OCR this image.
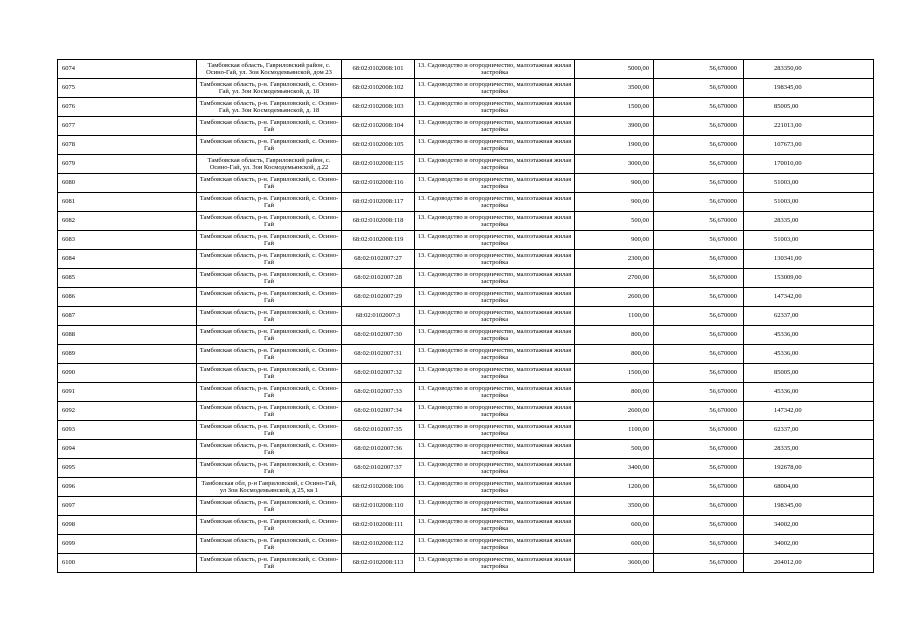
6074	Тамбовская область, Гавриловский район, с. Осино-Гай, ул. Зои Космодемьянской, дом 23	68:02:0102008:101	13. Садоводство и огородничество, малоэтажная жилая застройка	5000,00	56,670000	283350,00
6075	Тамбовская область, р-н. Гавриловский, с. Осино-Гай, ул. Зои Космодемьянской, д. 18	68:02:0102008:102	13. Садоводство и огородничество, малоэтажная жилая застройка	3500,00	56,670000	198345,00
6076	Тамбовская область, р-н. Гавриловский, с. Осино-Гай, ул. Зои Космодемьянской, д. 18	68:02:0102008:103	13. Садоводство и огородничество, малоэтажная жилая застройка	1500,00	56,670000	85005,00
6077	Тамбовская область, р-н. Гавриловский, с. Осино-Гай	68:02:0102008:104	13. Садоводство и огородничество, малоэтажная жилая застройка	3900,00	56,670000	221013,00
6078	Тамбовская область, р-н. Гавриловский, с. Осино-Гай	68:02:0102008:105	13. Садоводство и огородничество, малоэтажная жилая застройка	1900,00	56,670000	107673,00
6079	Тамбовская область, Гавриловский район, с. Осино-Гай, ул. Зои Космодемьянской, д.22	68:02:0102008:115	13. Садоводство и огородничество, малоэтажная жилая застройка	3000,00	56,670000	170010,00
6080	Тамбовская область, р-н. Гавриловский, с. Осино-Гай	68:02:0102008:116	13. Садоводство и огородничество, малоэтажная жилая застройка	900,00	56,670000	51003,00
6081	Тамбовская область, р-н. Гавриловский, с. Осино-Гай	68:02:0102008:117	13. Садоводство и огородничество, малоэтажная жилая застройка	900,00	56,670000	51003,00
6082	Тамбовская область, р-н. Гавриловский, с. Осино-Гай	68:02:0102008:118	13. Садоводство и огородничество, малоэтажная жилая застройка	500,00	56,670000	28335,00
6083	Тамбовская область, р-н. Гавриловский, с. Осино-Гай	68:02:0102008:119	13. Садоводство и огородничество, малоэтажная жилая застройка	900,00	56,670000	51003,00
6084	Тамбовская область, р-н. Гавриловский, с. Осино-Гай	68:02:0102007:27	13. Садоводство и огородничество, малоэтажная жилая застройка	2300,00	56,670000	130341,00
6085	Тамбовская область, р-н. Гавриловский, с. Осино-Гай	68:02:0102007:28	13. Садоводство и огородничество, малоэтажная жилая застройка	2700,00	56,670000	153009,00
6086	Тамбовская область, р-н. Гавриловский, с. Осино-Гай	68:02:0102007:29	13. Садоводство и огородничество, малоэтажная жилая застройка	2600,00	56,670000	147342,00
6087	Тамбовская область, р-н. Гавриловский, с. Осино-Гай	68:02:0102007:3	13. Садоводство и огородничество, малоэтажная жилая застройка	1100,00	56,670000	62337,00
6088	Тамбовская область, р-н. Гавриловский, с. Осино-Гай	68:02:0102007:30	13. Садоводство и огородничество, малоэтажная жилая застройка	800,00	56,670000	45336,00
6089	Тамбовская область, р-н. Гавриловский, с. Осино-Гай	68:02:0102007:31	13. Садоводство и огородничество, малоэтажная жилая застройка	800,00	56,670000	45336,00
6090	Тамбовская область, р-н. Гавриловский, с. Осино-Гай	68:02:0102007:32	13. Садоводство и огородничество, малоэтажная жилая застройка	1500,00	56,670000	85005,00
6091	Тамбовская область, р-н. Гавриловский, с. Осино-Гай	68:02:0102007:33	13. Садоводство и огородничество, малоэтажная жилая застройка	800,00	56,670000	45336,00
6092	Тамбовская область, р-н. Гавриловский, с. Осино-Гай	68:02:0102007:34	13. Садоводство и огородничество, малоэтажная жилая застройка	2600,00	56,670000	147342,00
6093	Тамбовская область, р-н. Гавриловский, с. Осино-Гай	68:02:0102007:35	13. Садоводство и огородничество, малоэтажная жилая застройка	1100,00	56,670000	62337,00
6094	Тамбовская область, р-н. Гавриловский, с. Осино-Гай	68:02:0102007:36	13. Садоводство и огородничество, малоэтажная жилая застройка	500,00	56,670000	28335,00
6095	Тамбовская область, р-н. Гавриловский, с. Осино-Гай	68:02:0102007:37	13. Садоводство и огородничество, малоэтажная жилая застройка	3400,00	56,670000	192678,00
6096	Тамбовская обл, р-н Гавриловский, с Осино-Гай, ул Зои Космодемьянской, д 25, кв 1	68:02:0102008:106	13. Садоводство и огородничество, малоэтажная жилая застройка	1200,00	56,670000	68004,00
6097	Тамбовская область, р-н. Гавриловский, с. Осино-Гай	68:02:0102008:110	13. Садоводство и огородничество, малоэтажная жилая застройка	3500,00	56,670000	198345,00
6098	Тамбовская область, р-н. Гавриловский, с. Осино-Гай	68:02:0102008:111	13. Садоводство и огородничество, малоэтажная жилая застройка	600,00	56,670000	34002,00
6099	Тамбовская область, р-н. Гавриловский, с. Осино-Гай	68:02:0102008:112	13. Садоводство и огородничество, малоэтажная жилая застройка	600,00	56,670000	34002,00
6100	Тамбовская область, р-н. Гавриловский, с. Осино-Гай	68:02:0102008:113	13. Садоводство и огородничество, малоэтажная жилая застройка	3600,00	56,670000	204012,00
